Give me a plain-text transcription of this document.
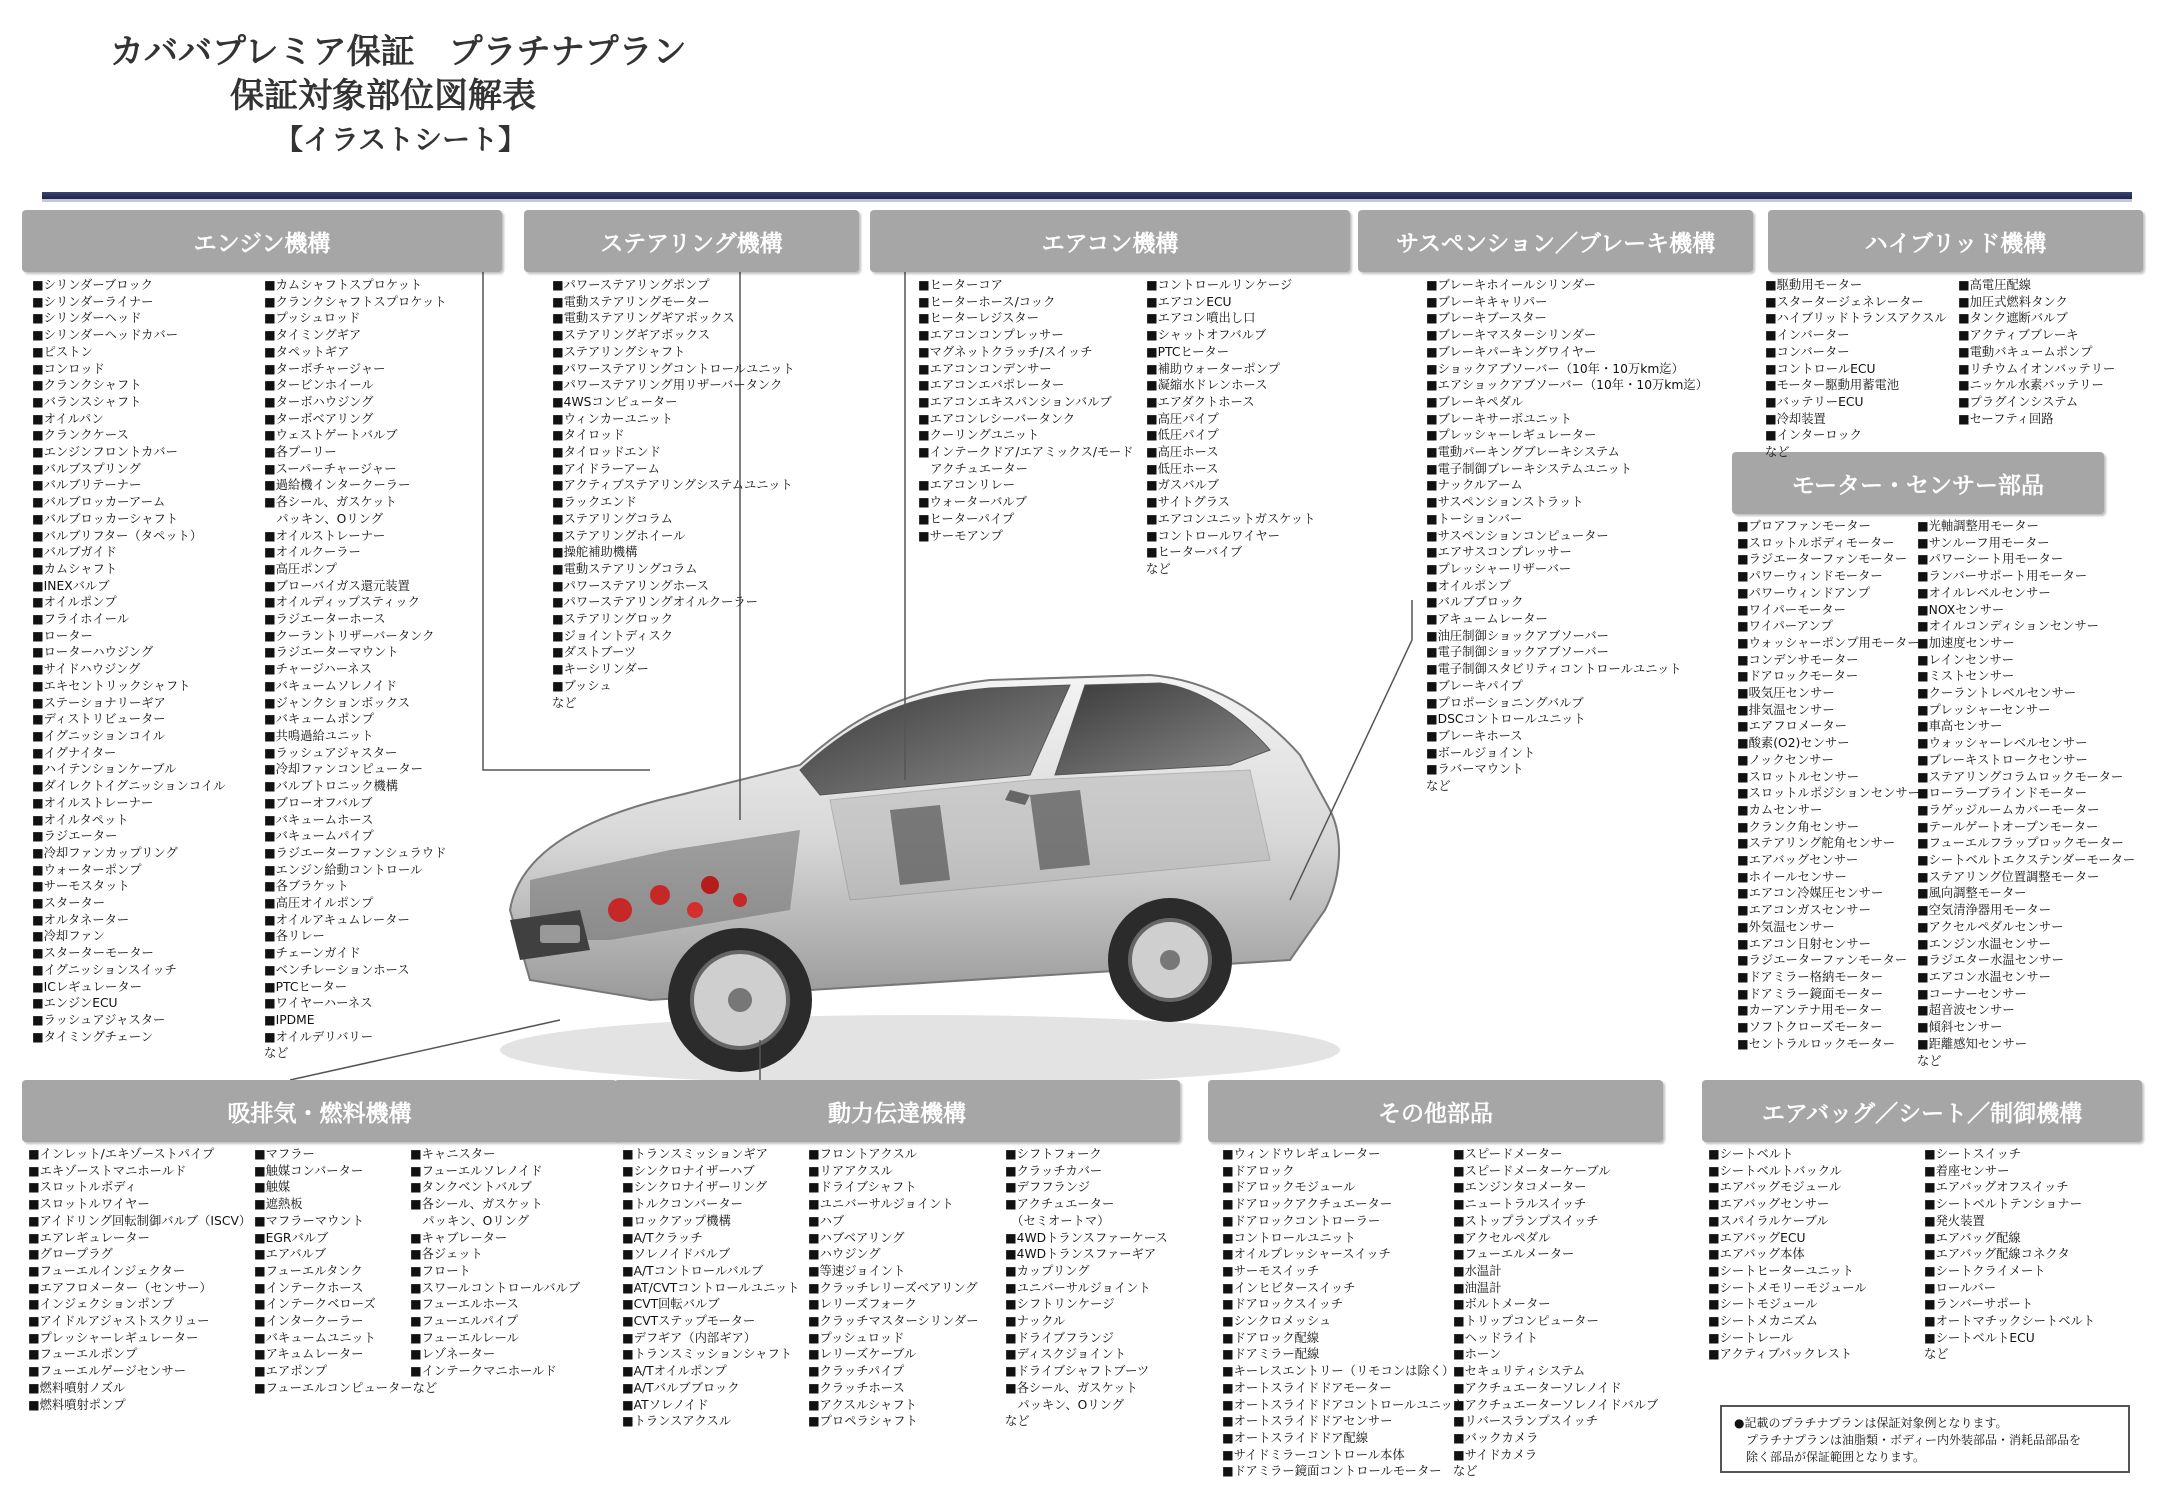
カババプレミア保証　プラチナプラン
保証対象部位図解表
【イラストシート】
エンジン機構	ステアリング機構	エアコン機構	サスペンション／ブレーキ機構	ハイブリッド機構
モーター・センサー部品
吸排気・燃料機構	動力伝達機構	その他部品	エアバッグ／シート／制御機構
■シリンダーブロック
■シリンダーライナー
■シリンダーヘッド
■シリンダーヘッドカバー
■ピストン
■コンロッド
■クランクシャフト
■バランスシャフト
■オイルパン
■クランクケース
■エンジンフロントカバー
■バルブスプリング
■バルブリテーナー
■バルブロッカーアーム
■バルブロッカーシャフト
■バルブリフター（タペット）
■バルブガイド
■カムシャフト
■INEXバルブ
■オイルポンプ
■フライホイール
■ローター
■ローターハウジング
■サイドハウジング
■エキセントリックシャフト
■ステーショナリーギア
■ディストリビューター
■イグニッションコイル
■イグナイター
■ハイテンションケーブル
■ダイレクトイグニッションコイル
■オイルストレーナー
■オイルタペット
■ラジエーター
■冷却ファンカップリング
■ウォーターポンプ
■サーモスタット
■スターター
■オルタネーター
■冷却ファン
■スターターモーター
■イグニッションスイッチ
■ICレギュレーター
■エンジンECU
■ラッシュアジャスター
■タイミングチェーン
■カムシャフトスプロケット
■クランクシャフトスプロケット
■プッシュロッド
■タイミングギア
■タペットギア
■ターボチャージャー
■タービンホイール
■ターボハウジング
■ターボベアリング
■ウェストゲートバルブ
■各プーリー
■スーパーチャージャー
■過給機インタークーラー
■各シール、ガスケット
　パッキン、Oリング
■オイルストレーナー
■オイルクーラー
■高圧ポンプ
■ブローバイガス還元装置
■オイルディップスティック
■ラジエーターホース
■クーラントリザーバータンク
■ラジエーターマウント
■チャージハーネス
■バキュームソレノイド
■ジャンクションボックス
■バキュームポンプ
■共鳴過給ユニット
■ラッシュアジャスター
■冷却ファンコンピューター
■バルブトロニック機構
■ブローオフバルブ
■バキュームホース
■バキュームパイプ
■ラジエーターファンシュラウド
■エンジン給動コントロール
■各ブラケット
■高圧オイルポンプ
■オイルアキュムレーター
■各リレー
■チェーンガイド
■ベンチレーションホース
■PTCヒーター
■ワイヤーハーネス
■IPDME
■オイルデリバリー
など
■パワーステアリングポンプ
■電動ステアリングモーター
■電動ステアリングギアボックス
■ステアリングギアボックス
■ステアリングシャフト
■パワーステアリングコントロールユニット
■パワーステアリング用リザーバータンク
■4WSコンピューター
■ウィンカーユニット
■タイロッド
■タイロッドエンド
■アイドラーアーム
■アクティブステアリングシステムユニット
■ラックエンド
■ステアリングコラム
■ステアリングホイール
■操舵補助機構
■電動ステアリングコラム
■パワーステアリングホース
■パワーステアリングオイルクーラー
■ステアリングロック
■ジョイントディスク
■ダストブーツ
■キーシリンダー
■ブッシュ
など
■ヒーターコア
■ヒーターホース/コック
■ヒーターレジスター
■エアコンコンプレッサー
■マグネットクラッチ/スイッチ
■エアコンコンデンサー
■エアコンエバポレーター
■エアコンエキスパンションバルブ
■エアコンレシーバータンク
■クーリングユニット
■インテークドア/エアミックス/モード
　アクチュエーター
■エアコンリレー
■ウォーターバルブ
■ヒーターパイプ
■サーモアンプ
■コントロールリンケージ
■エアコンECU
■エアコン噴出し口
■シャットオフバルブ
■PTCヒーター
■補助ウォーターポンプ
■凝縮水ドレンホース
■エアダクトホース
■高圧パイプ
■低圧パイプ
■高圧ホース
■低圧ホース
■ガスバルブ
■サイトグラス
■エアコンユニットガスケット
■コントロールワイヤー
■ヒーターバイブ
など
■ブレーキホイールシリンダー
■ブレーキキャリパー
■ブレーキブースター
■ブレーキマスターシリンダー
■ブレーキパーキングワイヤー
■ショックアブソーバー（10年・10万km迄）
■エアショックアブソーバー（10年・10万km迄）
■ブレーキペダル
■ブレーキサーボユニット
■プレッシャーレギュレーター
■電動パーキングブレーキシステム
■電子制御ブレーキシステムユニット
■ナックルアーム
■サスペンションストラット
■トーションバー
■サスペンションコンピューター
■エアサスコンプレッサー
■プレッシャーリザーバー
■オイルポンプ
■バルブブロック
■アキュームレーター
■油圧制御ショックアブソーバー
■電子制御ショックアブソーバー
■電子制御スタビリティコントロールユニット
■ブレーキパイプ
■プロポーショニングバルブ
■DSCコントロールユニット
■ブレーキホース
■ボールジョイント
■ラバーマウント
など
■駆動用モーター
■スタータージェネレーター
■ハイブリッドトランスアクスル
■インバーター
■コンバーター
■コントロールECU
■モーター駆動用蓄電池
■バッテリーECU
■冷却装置
■インターロック
など
■高電圧配線
■加圧式燃料タンク
■タンク遮断バルブ
■アクティブブレーキ
■電動バキュームポンプ
■リチウムイオンバッテリー
■ニッケル水素バッテリー
■プラグインシステム
■セーフティ回路
■ブロアファンモーター
■スロットルボディモーター
■ラジエーターファンモーター
■パワーウィンドモーター
■パワーウィンドアンプ
■ワイパーモーター
■ワイパーアンプ
■ウォッシャーポンプ用モーター
■コンデンサモーター
■ドアロックモーター
■吸気圧センサー
■排気温センサー
■エアフロメーター
■酸素(O2)センサー
■ノックセンサー
■スロットルセンサー
■スロットルポジションセンサー
■カムセンサー
■クランク角センサー
■ステアリング舵角センサー
■エアバッグセンサー
■ホイールセンサー
■エアコン冷媒圧センサー
■エアコンガスセンサー
■外気温センサー
■エアコン日射センサー
■ラジエーターファンモーター
■ドアミラー格納モーター
■ドアミラー鏡面モーター
■カーアンテナ用モーター
■ソフトクローズモーター
■セントラルロックモーター
■光軸調整用モーター
■サンルーフ用モーター
■パワーシート用モーター
■ランバーサポート用モーター
■オイルレベルセンサー
■NOXセンサー
■オイルコンディションセンサー
■加速度センサー
■レインセンサー
■ミストセンサー
■クーラントレベルセンサー
■プレッシャーセンサー
■車高センサー
■ウォッシャーレベルセンサー
■ブレーキストロークセンサー
■ステアリングコラムロックモーター
■ローラーブラインドモーター
■ラゲッジルームカバーモーター
■テールゲートオープンモーター
■フューエルフラップロックモーター
■シートベルトエクステンダーモーター
■ステアリング位置調整モーター
■風向調整モーター
■空気清浄器用モーター
■アクセルペダルセンサー
■エンジン水温センサー
■ラジエター水温センサー
■エアコン水温センサー
■コーナーセンサー
■超音波センサー
■傾斜センサー
■距離感知センサー
など
■インレット/エキゾーストパイプ
■エキゾーストマニホールド
■スロットルボディ
■スロットルワイヤー
■アイドリング回転制御バルブ（ISCV）
■エアレギュレーター
■グロープラグ
■フューエルインジェクター
■エアフロメーター（センサー）
■インジェクションポンプ
■アイドルアジャストスクリュー
■プレッシャーレギュレーター
■フューエルポンプ
■フューエルゲージセンサー
■燃料噴射ノズル
■燃料噴射ポンプ
■マフラー
■触媒コンバーター
■触媒
■遮熱板
■マフラーマウント
■EGRバルブ
■エアバルブ
■フューエルタンク
■インテークホース
■インテークベローズ
■インタークーラー
■バキュームユニット
■アキュムレーター
■エアポンプ
■フューエルコンピューターなど
■キャニスター
■フューエルソレノイド
■タンクベントバルブ
■各シール、ガスケット
　パッキン、Oリング
■キャブレーター
■各ジェット
■フロート
■スワールコントロールバルブ
■フューエルホース
■フューエルパイプ
■フューエルレール
■レゾネーター
■インテークマニホールド
■トランスミッションギア
■シンクロナイザーハブ
■シンクロナイザーリング
■トルクコンバーター
■ロックアップ機構
■A/Tクラッチ
■ソレノイドバルブ
■A/Tコントロールバルブ
■AT/CVTコントロールユニット
■CVT回転バルブ
■CVTステップモーター
■デフギア（内部ギア）
■トランスミッションシャフト
■A/Tオイルポンプ
■A/Tバルブブロック
■ATソレノイド
■トランスアクスル
■フロントアクスル
■リアアクスル
■ドライブシャフト
■ユニバーサルジョイント
■ハブ
■ハブベアリング
■ハウジング
■等速ジョイント
■クラッチレリーズベアリング
■レリーズフォーク
■クラッチマスターシリンダー
■プッシュロッド
■レリーズケーブル
■クラッチパイプ
■クラッチホース
■アクスルシャフト
■プロペラシャフト
■シフトフォーク
■クラッチカバー
■デフフランジ
■アクチュエーター
　（セミオートマ）
■4WDトランスファーケース
■4WDトランスファーギア
■カップリング
■ユニバーサルジョイント
■シフトリンケージ
■ナックル
■ドライブフランジ
■ディスクジョイント
■ドライブシャフトブーツ
■各シール、ガスケット
　パッキン、Oリング
など
■ウィンドウレギュレーター
■ドアロック
■ドアロックモジュール
■ドアロックアクチュエーター
■ドアロックコントローラー
■コントロールユニット
■オイルプレッシャースイッチ
■サーモスイッチ
■インヒビタースイッチ
■ドアロックスイッチ
■シンクロメッシュ
■ドアロック配線
■ドアミラー配線
■キーレスエントリー（リモコンは除く）
■オートスライドドアモーター
■オートスライドドアコントロールユニット
■オートスライドドアセンサー
■オートスライドドア配線
■サイドミラーコントロール本体
■ドアミラー鏡面コントロールモーター
■スピードメーター
■スピードメーターケーブル
■エンジンタコメーター
■ニュートラルスイッチ
■ストップランプスイッチ
■アクセルペダル
■フューエルメーター
■水温計
■油温計
■ボルトメーター
■トリップコンピューター
■ヘッドライト
■ホーン
■セキュリティシステム
■アクチュエーターソレノイド
■アクチュエーターソレノイドバルブ
■リバースランプスイッチ
■バックカメラ
■サイドカメラ
など
■シートベルト
■シートベルトバックル
■エアバッグモジュール
■エアバッグセンサー
■スパイラルケーブル
■エアバッグECU
■エアバッグ本体
■シートヒーターユニット
■シートメモリーモジュール
■シートモジュール
■シートメカニズム
■シートレール
■アクティブバックレスト
■シートスイッチ
■着座センサー
■エアバッグオフスイッチ
■シートベルトテンショナー
■発火装置
■エアバッグ配線
■エアバッグ配線コネクタ
■シートクライメート
■ロールバー
■ランバーサポート
■オートマチックシートベルト
■シートベルトECU
など
●記載のプラチナプランは保証対象例となります。
　プラチナプランは油脂類・ボディー内外装部品・消耗品部品を
　除く部品が保証範囲となります。
